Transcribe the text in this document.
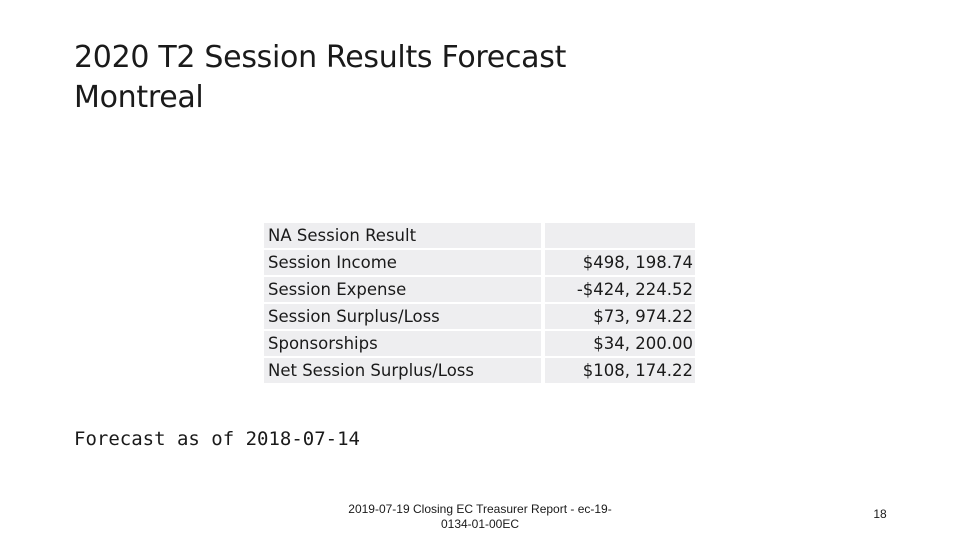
2020 T2 Session Results Forecast
Montreal
NA Session Result	
Session Income	$498, 198.74
Session Expense	-$424, 224.52
Session Surplus/Loss	$73, 974.22
Sponsorships	$34, 200.00
Net Session Surplus/Loss	$108, 174.22

Forecast as of 2018-07-14

2019-07-19 Closing EC Treasurer Report - ec-19-
0134-01-00EC
18
